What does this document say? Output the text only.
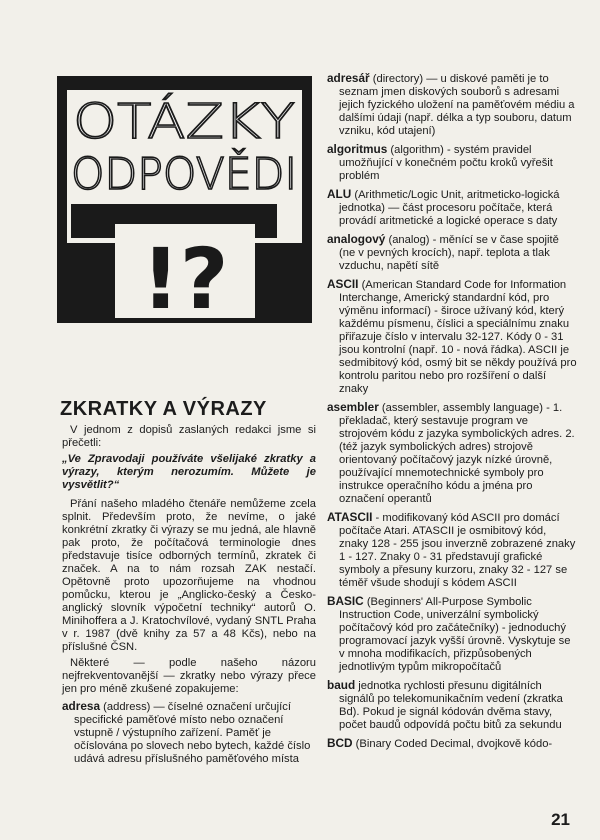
OTÁZKY
ODPOVĚDI
!?
ZKRATKY A VÝRAZY

V jednom z dopisů zaslaných redakci jsme si přečetli:

„Ve Zpravodaji používáte všelijaké zkratky a výrazy, kterým nerozumím. Můžete je vysvětlit?“

Přání našeho mladého čtenáře nemůžeme zcela splnit. Především proto, že nevíme, o jaké konkrétní zkratky či výrazy se mu jedná, ale hlavně pak proto, že počítačová terminologie dnes představuje tisíce odborných termínů, zkratek či značek. A na to nám rozsah ZAK nestačí. Opětovně proto upozorňujeme na vhodnou pomůcku, kterou je „Anglicko-český a Česko-anglický slovník výpočetní techniky“ autorů O. Minihoffera a J. Kratochvílové, vydaný SNTL Praha v r. 1987 (dvě knihy za 57 a 48 Kčs), nebo na příslušné ČSN.

Některé — podle našeho názoru nejfrekventovanější — zkratky nebo výrazy přece jen pro méně zkušené zopakujeme:

adresa (address) — číselné označení určující specifické paměťové místo nebo označení vstupně / výstupního zařízení. Paměť je očíslována po slovech nebo bytech, každé číslo udává adresu příslušného paměťového místa
adresář (directory) — u diskové paměti je to seznam jmen diskových souborů s adresami jejich fyzického uložení na paměťovém médiu a dalšími údaji (např. délka a typ souboru, datum vzniku, kód utajení)
algoritmus (algorithm) - systém pravidel umožňující v konečném počtu kroků vyřešit problém
ALU (Arithmetic/Logic Unit, aritmeticko-logická jednotka) — část procesoru počítače, která provádí aritmetické a logické operace s daty
analogový (analog) - měnící se v čase spojitě (ne v pevných krocích), např. teplota a tlak vzduchu, napětí sítě
ASCII (American Standard Code for Information Interchange, Americký standardní kód, pro výměnu informací) - široce užívaný kód, který každému písmenu, číslici a speciálnímu znaku přiřazuje číslo v intervalu 32-127. Kódy 0 - 31 jsou kontrolní (např. 10 - nová řádka). ASCII je sedmibitový kód, osmý bit se někdy používá pro kontrolu paritou nebo pro rozšíření o další znaky
asembler (assembler, assembly language) - 1. překladač, který sestavuje program ve strojovém kódu z jazyka symbolických adres. 2. (též jazyk symbolických adres) strojově orientovaný počítačový jazyk nízké úrovně, používající mnemotechnické symboly pro instrukce operačního kódu a jména pro označení operantů
ATASCII - modifikovaný kód ASCII pro domácí počítače Atari. ATASCII je osmibitový kód, znaky 128 - 255 jsou inverzně zobrazené znaky 1 - 127. Znaky 0 - 31 představují grafické symboly a přesuny kurzoru, znaky 32 - 127 se téměř všude shodují s kódem ASCII
BASIC (Beginners' All-Purpose Symbolic Instruction Code, univerzální symbolický počítačový kód pro začátečníky) - jednoduchý programovací jazyk vyšší úrovně. Vyskytuje se v mnoha modifikacích, přizpůsobených jednotlivým typům mikropočítačů
baud jednotka rychlosti přesunu digitálních signálů po telekomunikačním vedení (zkratka Bd). Pokud je signál kódován dvěma stavy, počet baudů odpovídá počtu bitů za sekundu
BCD (Binary Coded Decimal, dvojkově kódo-
21
